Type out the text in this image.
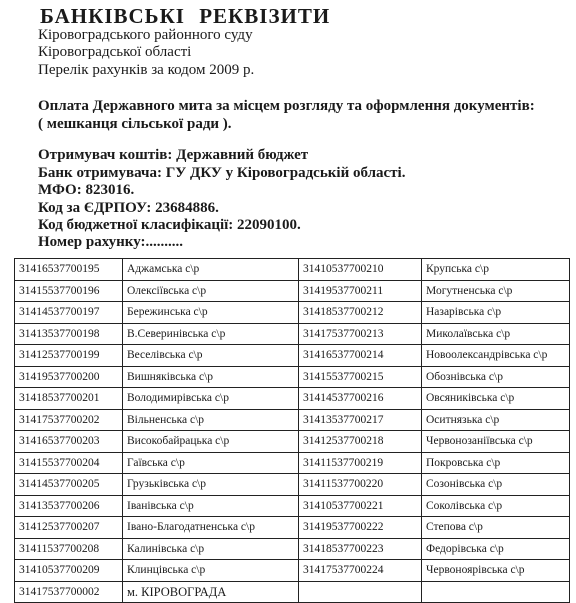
БАНКІВСЬКІ РЕКВІЗИТИ
Кіровоградського районного суду
Кіровоградської області
Перелік рахунків за кодом 2009 р.
Оплата Державного мита за місцем розгляду та оформлення документів:
( мешканця сільської ради ).
Отримувач коштів: Державний бюджет
Банк отримувача: ГУ ДКУ у Кіровоградській області.
МФО: 823016.
Код за ЄДРПОУ: 23684886.
Код бюджетної класифікації: 22090100.
Номер рахунку:..........
31416537700195	Аджамська с\р	31410537700210	Крупська с\р
31415537700196	Олексіївська с\р	31419537700211	Могутненська с\р
31414537700197	Бережинська с\р	31418537700212	Назарівська с\р
31413537700198	В.Северинівська с\р	31417537700213	Миколаївська с\р
31412537700199	Веселівська с\р	31416537700214	Новоолександрівська с\р
31419537700200	Вишняківська с\р	31415537700215	Обознівська с\р
31418537700201	Володимирівська с\р	31414537700216	Овсяниківська с\р
31417537700202	Вільненська с\р	31413537700217	Оситнязька с\р
31416537700203	Високобайрацька с\р	31412537700218	Червонозаніївська с\р
31415537700204	Гаївська с\р	31411537700219	Покровська с\р
31414537700205	Грузьківська с\р	31411537700220	Созонівська с\р
31413537700206	Іванівська с\р	31410537700221	Соколівська с\р
31412537700207	Івано-Благодатненська с\р	31419537700222	Степова с\р
31411537700208	Калинівська с\р	31418537700223	Федорівська с\р
31410537700209	Клинцівська с\р	31417537700224	Червоноярівська с\р
31417537700002	м. КІРОВОГРАДА		
